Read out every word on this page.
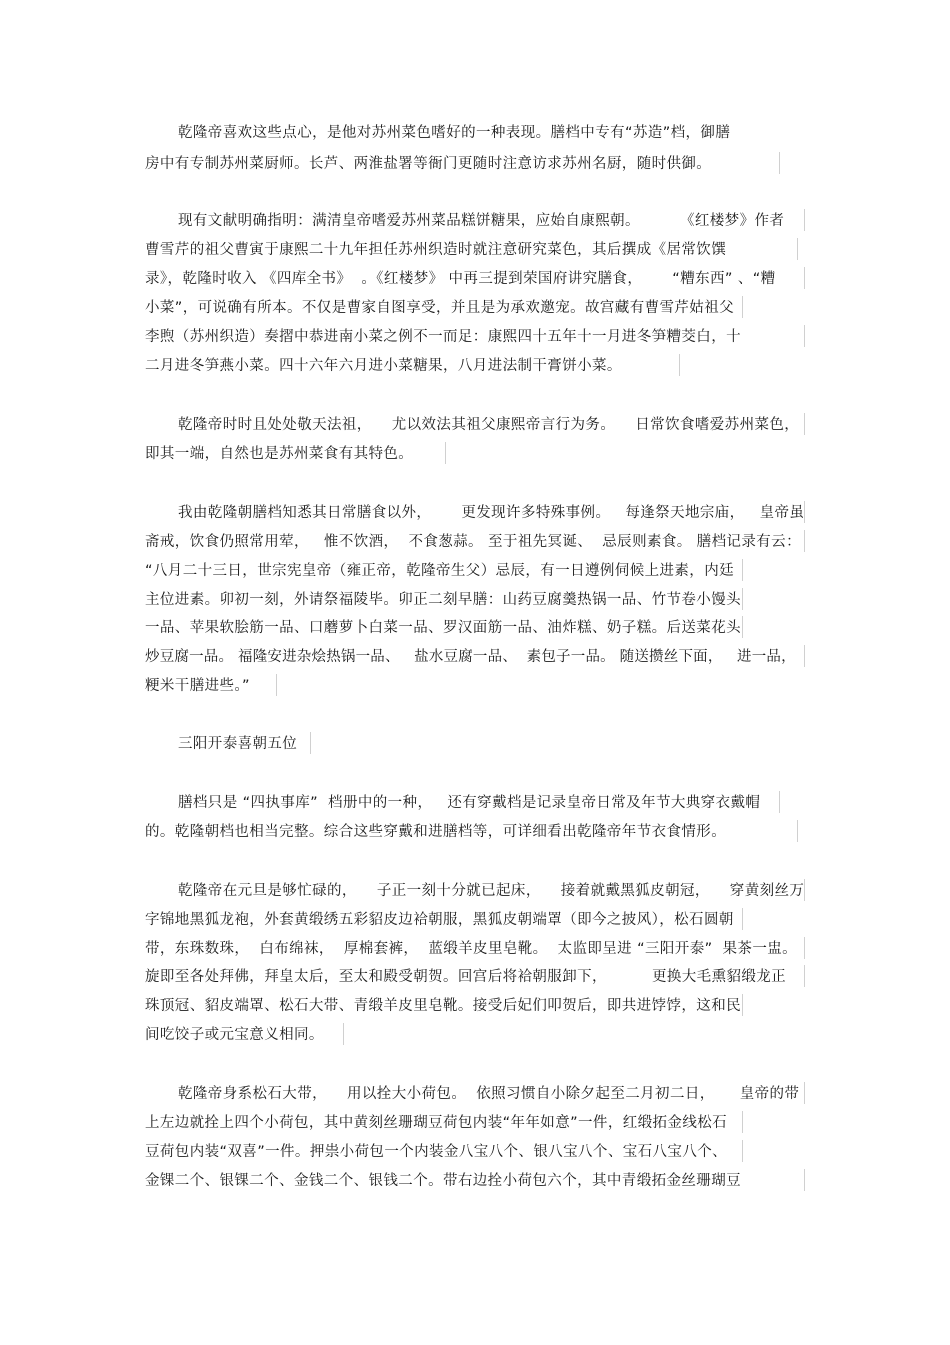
乾隆帝喜欢这些点心，是他对苏州菜色嗜好的一种表现。膳档中专有“苏造”档，御膳
房中有专制苏州菜厨师。长芦、两淮盐署等衙门更随时注意访求苏州名厨，随时供御。
现有文献明确指明：满清皇帝嗜爱苏州菜品糕饼糖果，应始自康熙朝。        《红楼梦》作者
曹雪芹的祖父曹寅于康熙二十九年担任苏州织造时就注意研究菜色，其后撰成《居常饮馔
录》，乾隆时收入 《四库全书》  。《红楼梦》 中再三提到荣国府讲究膳食，      “糟东西” 、“糟
小菜”，可说确有所本。不仅是曹家自图享受，并且是为承欢邀宠。故宫藏有曹雪芹姑祖父
李煦（苏州织造）奏摺中恭进南小菜之例不一而足：康熙四十五年十一月进冬笋糟茭白，十
二月进冬笋燕小菜。四十六年六月进小菜糖果，八月进法制干膏饼小菜。
乾隆帝时时且处处敬天法祖，    尤以效法其祖父康熙帝言行为务。    日常饮食嗜爱苏州菜色，
即其一端，自然也是苏州菜食有其特色。
我由乾隆朝膳档知悉其日常膳食以外，      更发现许多特殊事例。   每逢祭天地宗庙，   皇帝虽
斋戒，饮食仍照常用荤，   惟不饮酒，  不食葱蒜。 至于祖先冥诞、  忌辰则素食。 膳档记录有云：
“八月二十三日，世宗宪皇帝（雍正帝，乾隆帝生父）忌辰，有一日遵例伺候上进素，内廷
主位进素。卯初一刻，外请祭福陵毕。卯正二刻早膳：山药豆腐羹热锅一品、竹节卷小馒头
一品、苹果软脍筋一品、口蘑萝卜白菜一品、罗汉面筋一品、油炸糕、奶子糕。后送菜花头
炒豆腐一品。 福隆安进杂烩热锅一品、   盐水豆腐一品、  素包子一品。 随送攒丝下面，   进一品，
粳米干膳进些。”
三阳开泰喜朝五位
膳档只是 “四执事库”  档册中的一种，   还有穿戴档是记录皇帝日常及年节大典穿衣戴帽
的。乾隆朝档也相当完整。综合这些穿戴和进膳档等，可详细看出乾隆帝年节衣食情形。
乾隆帝在元旦是够忙碌的，    子正一刻十分就已起床，    接着就戴黑狐皮朝冠，    穿黄刻丝万
字锦地黑狐龙袍，外套黄缎绣五彩貂皮边袷朝服，黑狐皮朝端罩（即今之披风），松石圆朝
带，东珠数珠，  白布绵袜，  厚棉套裤，  蓝缎羊皮里皂靴。  太监即呈进 “三阳开泰”  果茶一盅。
旋即至各处拜佛，拜皇太后，至太和殿受朝贺。回宫后将袷朝服卸下，         更换大毛熏貂缎龙正
珠顶冠、貂皮端罩、松石大带、青缎羊皮里皂靴。接受后妃们叩贺后，即共进饽饽，这和民
间吃饺子或元宝意义相同。
乾隆帝身系松石大带，    用以拴大小荷包。  依照习惯自小除夕起至二月初二日，     皇帝的带
上左边就拴上四个小荷包，其中黄刻丝珊瑚豆荷包内装“年年如意”一件，红缎拓金线松石
豆荷包内装“双喜”一件。押祟小荷包一个内装金八宝八个、银八宝八个、宝石八宝八个、
金锞二个、银锞二个、金钱二个、银钱二个。带右边拴小荷包六个，其中青缎拓金丝珊瑚豆
